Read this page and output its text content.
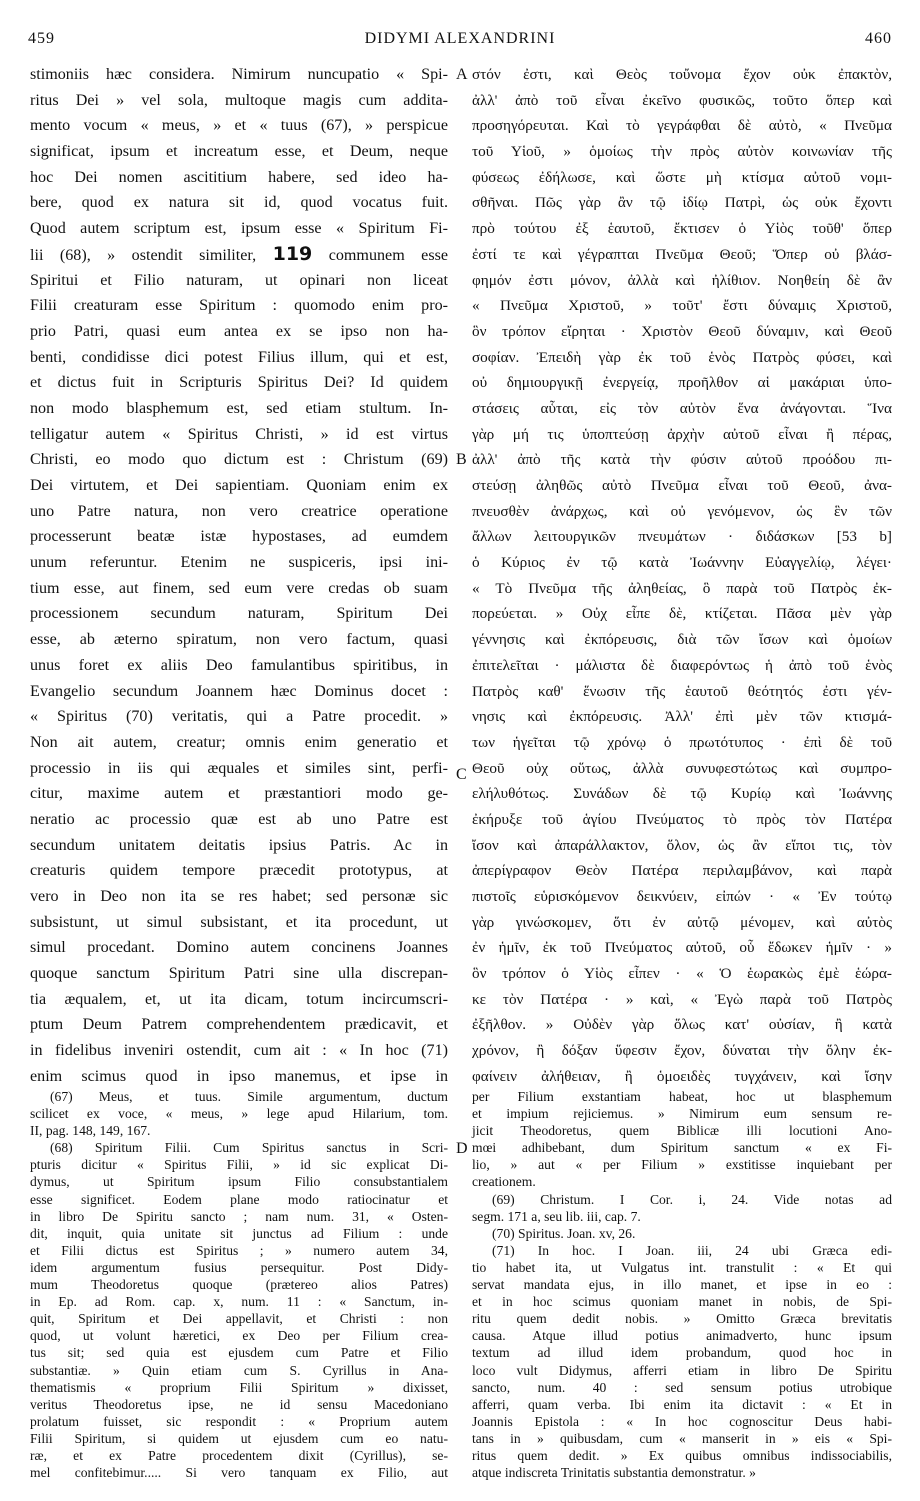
459	DIDYMI ALEXANDRINI	460
stimoniis hæc considera. Nimirum nuncupatio « Spi-
ritus Dei » vel sola, multoque magis cum addita-
mento vocum « meus, » et « tuus (67), » perspicue
significat, ipsum et increatum esse, et Deum, neque
hoc Dei nomen ascititium habere, sed ideo ha-
bere, quod ex natura sit id, quod vocatus fuit.
Quod autem scriptum est, ipsum esse « Spiritum Fi-
lii (68), » ostendit similiter, 119 communem esse
Spiritui et Filio naturam, ut opinari non liceat
Filii creaturam esse Spiritum : quomodo enim pro-
prio Patri, quasi eum antea ex se ipso non ha-
benti, condidisse dici potest Filius illum, qui et est,
et dictus fuit in Scripturis Spiritus Dei? Id quidem
non modo blasphemum est, sed etiam stultum. In-
telligatur autem « Spiritus Christi, » id est virtus
Christi, eo modo quo dictum est : Christum (69)
Dei virtutem, et Dei sapientiam. Quoniam enim ex
uno Patre natura, non vero creatrice operatione
processerunt beatæ istæ hypostases, ad eumdem
unum referuntur. Etenim ne suspiceris, ipsi ini-
tium esse, aut finem, sed eum vere credas ob suam
processionem secundum naturam, Spiritum Dei
esse, ab æterno spiratum, non vero factum, quasi
unus foret ex aliis Deo famulantibus spiritibus, in
Evangelio secundum Joannem hæc Dominus docet :
« Spiritus (70) veritatis, qui a Patre procedit. »
Non ait autem, creatur; omnis enim generatio et
processio in iis qui æquales et similes sint, perfi-
citur, maxime autem et præstantiori modo ge-
neratio ac processio quæ est ab uno Patre est
secundum unitatem deitatis ipsius Patris. Ac in
creaturis quidem tempore præcedit prototypus, at
vero in Deo non ita se res habet; sed personæ sic
subsistunt, ut simul subsistant, et ita procedunt, ut
simul procedant. Domino autem concinens Joannes
quoque sanctum Spiritum Patri sine ulla discrepan-
tia æqualem, et, ut ita dicam, totum incircumscri-
ptum Deum Patrem comprehendentem prædicavit, et
in fidelibus inveniri ostendit, cum ait : « In hoc (71)
enim scimus quod in ipso manemus, et ipse in
στόν ἐστι, καὶ Θεὸς τοὔνομα ἔχον οὐκ ἐπακτὸν,
ἀλλ' ἀπὸ τοῦ εἶναι ἐκεῖνο φυσικῶς, τοῦτο ὅπερ καὶ
προσηγόρευται. Καὶ τὸ γεγράφθαι δὲ αὐτὸ, « Πνεῦμα
τοῦ Υἱοῦ, » ὁμοίως τὴν πρὸς αὐτὸν κοινωνίαν τῆς
φύσεως ἐδήλωσε, καὶ ὥστε μὴ κτίσμα αὐτοῦ νομι-
σθῆναι. Πῶς γὰρ ἂν τῷ ἰδίῳ Πατρὶ, ὡς οὐκ ἔχοντι
πρὸ τούτου ἐξ ἑαυτοῦ, ἔκτισεν ὁ Υἱὸς τοῦθ' ὅπερ
ἐστί τε καὶ γέγραπται Πνεῦμα Θεοῦ; Ὅπερ οὐ βλάσ-
φημόν ἐστι μόνον, ἀλλὰ καὶ ἠλίθιον. Νοηθείη δὲ ἂν
« Πνεῦμα Χριστοῦ, » τοῦτ' ἔστι δύναμις Χριστοῦ,
ὃν τρόπον εἴρηται · Χριστὸν Θεοῦ δύναμιν, καὶ Θεοῦ
σοφίαν. Ἐπειδὴ γὰρ ἐκ τοῦ ἑνὸς Πατρὸς φύσει, καὶ
οὐ δημιουργικῇ ἐνεργείᾳ, προῆλθον αἱ μακάριαι ὑπο-
στάσεις αὗται, εἰς τὸν αὐτὸν ἕνα ἀνάγονται. Ἵνα
γὰρ μή τις ὑποπτεύσῃ ἀρχὴν αὐτοῦ εἶναι ἢ πέρας,
ἀλλ' ἀπὸ τῆς κατὰ τὴν φύσιν αὐτοῦ προόδου πι-
στεύσῃ ἀληθῶς αὐτὸ Πνεῦμα εἶναι τοῦ Θεοῦ, ἀνα-
πνευσθὲν ἀνάρχως, καὶ οὐ γενόμενον, ὡς ἓν τῶν
ἄλλων λειτουργικῶν πνευμάτων · διδάσκων [53 b]
ὁ Κύριος ἐν τῷ κατὰ Ἰωάννην Εὐαγγελίῳ, λέγει·
« Τὸ Πνεῦμα τῆς ἀληθείας, ὃ παρὰ τοῦ Πατρὸς ἐκ-
πορεύεται. » Οὐχ εἶπε δὲ, κτίζεται. Πᾶσα μὲν γὰρ
γέννησις καὶ ἐκπόρευσις, διὰ τῶν ἴσων καὶ ὁμοίων
ἐπιτελεῖται · μάλιστα δὲ διαφερόντως ἡ ἀπὸ τοῦ ἑνὸς
Πατρὸς καθ' ἕνωσιν τῆς ἑαυτοῦ θεότητός ἐστι γέν-
νησις καὶ ἐκπόρευσις. Ἀλλ' ἐπὶ μὲν τῶν κτισμά-
των ἡγεῖται τῷ χρόνῳ ὁ πρωτότυπος · ἐπὶ δὲ τοῦ
Θεοῦ οὐχ οὕτως, ἀλλὰ συνυφεστώτως καὶ συμπρο-
ελήλυθότως. Συνάδων δὲ τῷ Κυρίῳ καὶ Ἰωάννης
ἐκήρυξε τοῦ ἁγίου Πνεύματος τὸ πρὸς τὸν Πατέρα
ἴσον καὶ ἀπαράλλακτον, ὅλον, ὡς ἂν εἴποι τις, τὸν
ἀπερίγραφον Θεὸν Πατέρα περιλαμβάνον, καὶ παρὰ
πιστοῖς εὑρισκόμενον δεικνύειν, εἰπών · « Ἐν τούτῳ
γὰρ γινώσκομεν, ὅτι ἐν αὐτῷ μένομεν, καὶ αὐτὸς
ἐν ἡμῖν, ἐκ τοῦ Πνεύματος αὐτοῦ, οὗ ἔδωκεν ἡμῖν · »
ὃν τρόπον ὁ Υἱὸς εἶπεν · « Ὁ ἑωρακὼς ἐμὲ ἑώρα-
κε τὸν Πατέρα · » καὶ, « Ἐγὼ παρὰ τοῦ Πατρὸς
ἐξῆλθον. » Οὐδὲν γὰρ ὅλως κατ' οὐσίαν, ἢ κατὰ
χρόνον, ἢ δόξαν ὕφεσιν ἔχον, δύναται τὴν ὅλην ἐκ-
φαίνειν ἀλήθειαν, ἢ ὁμοειδὲς τυγχάνειν, καὶ ἴσην
A
B
C
D
(67) Meus, et tuus. Simile argumentum, ductum
scilicet ex voce, « meus, » lege apud Hilarium, tom.
II, pag. 148, 149, 167.
(68) Spiritum Filii. Cum Spiritus sanctus in Scri-
pturis dicitur « Spiritus Filii, » id sic explicat Di-
dymus, ut Spiritum ipsum Filio consubstantialem
esse significet. Eodem plane modo ratiocinatur et
in libro De Spiritu sancto ; nam num. 31, « Osten-
dit, inquit, quia unitate sit junctus ad Filium : unde
et Filii dictus est Spiritus ; » numero autem 34,
idem argumentum fusius persequitur. Post Didy-
mum Theodoretus quoque (prætereo alios Patres)
in Ep. ad Rom. cap. x, num. 11 : « Sanctum, in-
quit, Spiritum et Dei appellavit, et Christi : non
quod, ut volunt hæretici, ex Deo per Filium crea-
tus sit; sed quia est ejusdem cum Patre et Filio
substantiæ. » Quin etiam cum S. Cyrillus in Ana-
thematismis « proprium Filii Spiritum » dixisset,
veritus Theodoretus ipse, ne id sensu Macedoniano
prolatum fuisset, sic respondit : « Proprium autem
Filii Spiritum, si quidem ut ejusdem cum eo natu-
ræ, et ex Patre procedentem dixit (Cyrillus), se-
mel confitebimur..... Si vero tanquam ex Filio, aut
per Filium exstantiam habeat, hoc ut blasphemum
et impium rejiciemus. » Nimirum eum sensum re-
jicit Theodoretus, quem Biblicæ illi locutioni Ano-
mœi adhibebant, dum Spiritum sanctum « ex Fi-
lio, » aut « per Filium » exstitisse inquiebant per
creationem.
(69) Christum. I Cor. i, 24. Vide notas ad
segm. 171 a, seu lib. iii, cap. 7.
(70) Spiritus. Joan. xv, 26.
(71) In hoc. I Joan. iii, 24 ubi Græca edi-
tio habet ita, ut Vulgatus int. transtulit : « Et qui
servat mandata ejus, in illo manet, et ipse in eo :
et in hoc scimus quoniam manet in nobis, de Spi-
ritu quem dedit nobis. » Omitto Græca brevitatis
causa. Atque illud potius animadverto, hunc ipsum
textum ad illud idem probandum, quod hoc in
loco vult Didymus, afferri etiam in libro De Spiritu
sancto, num. 40 : sed sensum potius utrobique
afferri, quam verba. Ibi enim ita dictavit : « Et in
Joannis Epistola : « In hoc cognoscitur Deus habi-
tans in » quibusdam, cum « manserit in » eis « Spi-
ritus quem dedit. » Ex quibus omnibus indissociabilis,
atque indiscreta Trinitatis substantia demonstratur. »
